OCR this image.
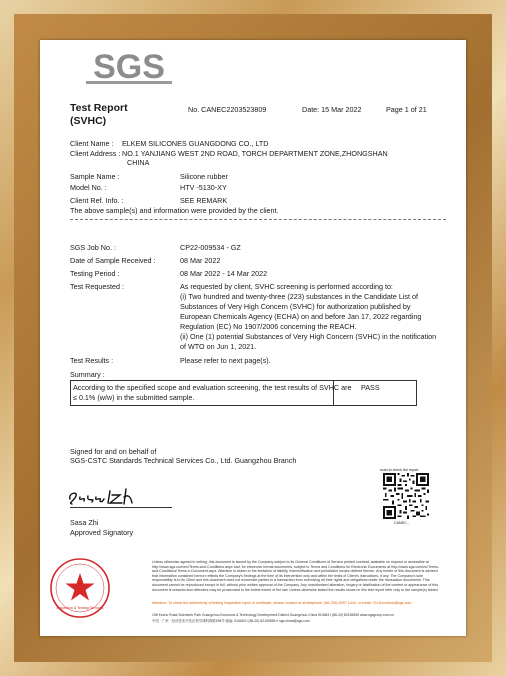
SGS
Test Report
(SVHC)
No. CANEC2203523809	Date: 15 Mar 2022	Page 1 of 21
Client Name : ELKEM SILICONES GUANGDONG CO., LTD
Client Address : NO.1 YANJIANG WEST 2ND ROAD, TORCH DEPARTMENT ZONE,ZHONGSHAN
CHINA
Sample Name :	Silicone rubber
Model No. :	HTV -5130-XY
Client Ref. Info. :	SEE REMARK
The above sample(s) and information were provided by the client.
SGS Job No. :	CP22-009534 - GZ
Date of Sample Received :	08 Mar 2022
Testing Period :	08 Mar 2022 - 14 Mar 2022
Test Requested :	As requested by client, SVHC screening is performed according to:
(i) Two hundred and twenty-three (223) substances in the Candidate List of
Substances of Very High Concern (SVHC) for authorization published by
European Chemicals Agency (ECHA) on and before Jan 17, 2022 regarding
Regulation (EC) No 1907/2006 concerning the REACH.
(ii) One (1) potential Substances of Very High Concern (SVHC) in the notification
of WTO on Jun 1, 2021.
Test Results :	Please refer to next page(s).
Summary :
According to the specified scope and evaluation screening, the test results of SVHC are
≤ 0.1% (w/w) in the submitted sample.
PASS
Signed for and on behalf of
SGS-CSTC Standards Technical Services Co., Ltd. Guangzhou Branch
Sasa Zhi
Approved Signatory
scan to check the report
CANEC...
Inspection & Testing Services
Unless otherwise agreed in writing, this document is issued by the Company subject to its General Conditions of Service printed overleaf, available on request or accessible at http://www.sgs.com/en/Terms-and-Conditions.aspx and, for electronic format documents, subject to Terms and Conditions for Electronic Documents at http://www.sgs.com/en/Terms-and-Conditions/Terms-e-Document.aspx. Attention is drawn to the limitation of liability, indemnification and jurisdiction issues defined therein. Any holder of this document is advised that information contained hereon reflects the Company's findings at the time of its intervention only and within the limits of Client's instructions, if any. The Company's sole responsibility is to its Client and this document does not exonerate parties to a transaction from exercising all their rights and obligations under the transaction documents. This document cannot be reproduced except in full, without prior written approval of the Company. Any unauthorized alteration, forgery or falsification of the content or appearance of this document is unlawful and offenders may be prosecuted to the fullest extent of the law. Unless otherwise stated the results shown in this test report refer only to the sample(s) tested.
Attention: To check the authenticity of testing /inspection report & certificate, please contact us at telephone: (86-755) 8307 1443, or email: CN.Doccheck@sgs.com
198 Kezhu Road,Scientech Park Guangzhou Economic & Technology Development District,Guangzhou,China 510663 t (86-20) 82155555 www.sgsgroup.com.cn
中国 · 广州 · 经济技术开发区科学城科珠路198号 邮编: 510663 t (86-20) 82155555 e sgs.china@sgs.com
